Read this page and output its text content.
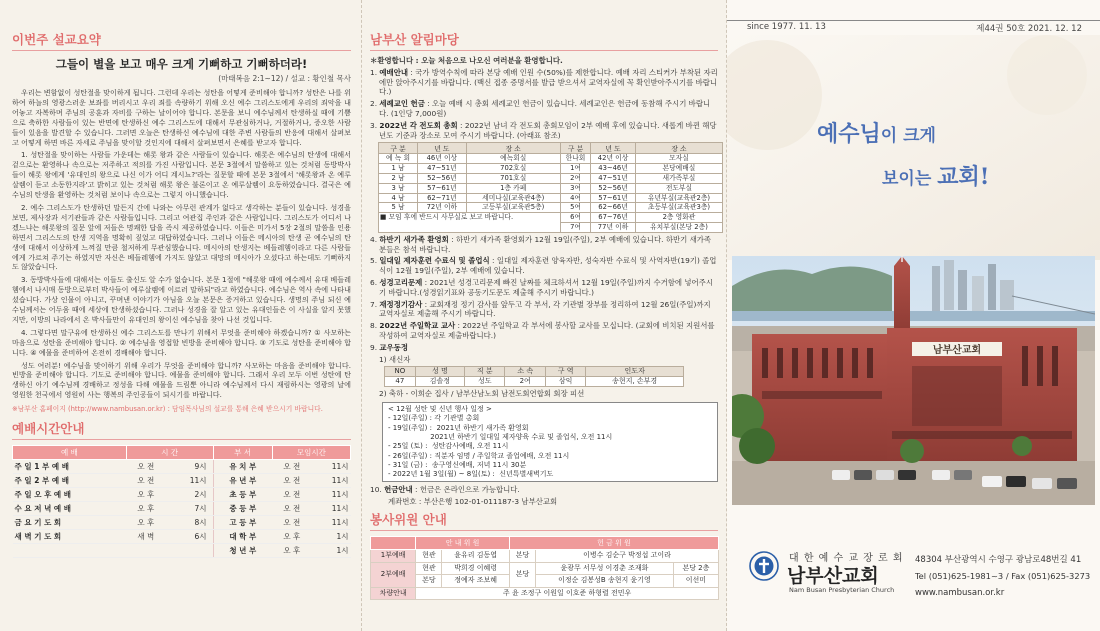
이번주 설교요약
그들이 별을 보고 매우 크게 기뻐하고 기뻐하더라!
(마태복음 2:1~12) / 설교 : 황인철 목사

우리는 변함없이 성탄절을 맞이하게 됩니다. 그런데 우리는 성탄을 어떻게 준비해야 합니까? 성탄은 나를 위하여 하늘의 영광스러운 보좌를 버리시고 우리 죄를 속량하기 위해 오신 예수 그리스도에게 우리의 죄악을 내어놓고 자복하며 주님의 공훈과 자비를 구하는 날이어야 합니다. 본문을 보니 예수님께서 탄생하실 때에 기쁨으로 축하한 사람들이 있는 반면에 탄생하신 예수 그리스도에 대해서 무관심하거나, 거절하거나, 증오한 사람들이 있음을 발견할 수 있습니다. 그러면 오늘은 탄생하신 예수님에 대한 주변 사람들의 반응에 대해서 살펴보고 어떻게 하면 바른 자세로 주님을 맞이할 것인지에 대해서 살펴보면서 은혜를 받고자 합니다.

1. 성탄절을 맞이하는 사람들 가운데는 해롯 왕과 같은 사람들이 있습니다. 해롯은 예수님의 탄생에 대해서 겉으로는 환영하나 속으로는 저주하고 적의를 가진 사람입니다. 본문 3절에서 말씀하고 있는 것처럼 동방박사들이 해롯 왕에게 '유대인의 왕으로 나신 이가 어디 계시뇨?'라는 질문할 때에 본문 3절에서 '해롯왕과 온 예루살렘이 듣고 소동한지라'고 밝히고 있는 것처럼 해롯 왕은 불론이고 온 예루살렘이 요동하였습니다. 결국은 예수님의 탄생을 환영하는 것처럼 보이나 속으로는 그렇지 아니했습니다.

2. 예수 그리스도가 탄생하던 말든지 간에 나와는 아무런 관계가 없다고 생각하는 분들이 있습니다. 성경을 보면, 제사장과 서기관들과 같은 사람들입니다. 그리고 여관집 주인과 같은 사람입니다. 그리스도가 어디서 나겠느냐는 해롯왕의 질문 앞에 저들은 명쾌한 답을 즉시 제공하였습니다. 이들은 미가서 5장 2절의 말씀을 인용하면서 그리스도의 탄생 지역을 명확히 짚었고 대답하였습니다. 그러나 이들은 메시아의 탄생 곧 예수님의 탄생에 대해서 이상하게 느껴질 만큼 철저하게 무관심했습니다. 메시아의 탄생지는 베들레헴이라고 다른 사람들에게 가르쳐 주기는 하였지만 자신은 베들레헴에 가지도 않았고 대망의 메시아가 오셨다고 하는데도 기뻐하지도 않았습니다.

3. 동방박사들에 대해서는 이들도 출신도 알 수가 없습니다. 본문 1절에 "해롯왕 때에 예수께서 유대 베들레헴에서 나시매 동방으로부터 박사들이 예루살렘에 이르러 말하되"라고 하였습니다. 예수님은 역사 속에 나타내셨습니다. 가상 인물이 아니고, 꾸며낸 이야기가 아님을 오늘 본문은 증거하고 있습니다. 생명의 주님 되신 예수님께서는 어두움 때에 세상에 탄생하셨습니다. 그러나 성경을 잘 알고 있는 유대인들은 이 사실을 알지 못했지만, 이방의 나라에서 온 박사들만이 유대인의 왕이신 예수님을 찾아 나선 것입니다.

4. 그렇다면 말구유에 탄생하신 예수 그리스도를 만나기 위해서 무엇을 준비해야 하겠습니까? ① 사모하는 마음으로 성탄을 준비해야 합니다. ② 예수님을 영접할 빈방을 준비해야 합니다. ③ 기도로 성탄을 준비해야 합니다. ④ 예물을 준비하여 온전히 경배해야 합니다.

성도 여러분! 예수님을 맞이하기 위해 우리가 무엇을 준비해야 합니까? 사모하는 마음을 준비해야 합니다. 빈방을 준비해야 합니다. 기도로 준비해야 합니다. 예물을 준비해야 합니다. 그래서 우리 모두 이번 성탄에 탄생하신 아기 예수님께 경배하고 정성을 다해 예물을 드림뿐 아니라 예수님께서 다시 재림하시는 영광의 날에 영원한 천국에서 영원히 사는 행복의 주인공들이 되시기를 바랍니다.

※남부산 홈페이지 (http://www.nambusan.or.kr) : 담임목사님의 설교를 통해 은혜 받으시기 바랍니다.
예배시간안내
예 배	시 간		부 서	모임시간	
주 일 1 부 예 배	오 전	9시	유 치 부	오 전	11시
주 일 2 부 예 배	오 전	11시	유 년 부	오 전	11시
주 일 오 후 예 배	오 후	2시	초 등 부	오 전	11시
수 요 저 녁 예 배	오 후	7시	중 등 부	오 전	11시
금 요 기 도 회	오 후	8시	고 등 부	오 전	11시
새 벽 기 도 회	새 벽	6시	대 학 부	오 후	1시
			청 년 부	오 후	1시
남부산 알림마당
＊환영합니다 : 오늘 처음으로 나오신 여러분을 환영합니다.
1. 예배안내 : 국가 방역수칙에 따라 본당 예배 인원 수(50%)를 제한합니다. 예배 자리 스티커가 부착된 자리에만 앉아주시기를 바랍니다. (백신 접종 증명서를 발급 받으셔서 교역자실에 꼭 확인받아주시기를 바랍니다.)
2. 세례교인 헌금 : 오늘 예배 시 총회 세례교인 헌금이 있습니다. 세례교인은 헌금에 동참해 주시기 바랍니다. (1인당 7,000원)
3. 2022년 각 전도회 총회 : 2022년 남녀 각 전도회 총회모임이 2부 예배 후에 있습니다. 새롭게 바뀐 해당 년도 기준과 장소로 모여 주시기 바랍니다. (아래표 참조)
구 분	년 도	장 소	구 분	년 도	장 소
예 녹 회	46년 이상	예녹회실	한나회	42년 이상	모자실
1 남	47~51년	702호실	1여	43~46년	본당예배실
2 남	52~56년	701호실	2여	47~51년	새가족부실
3 남	57~61년	1층 카페	3여	52~56년	전도부실
4 남	62~71년	세미나실(교육관4층)	4여	57~61년	유년부실(교육관2층)
5 남	72년 이하	고등부실(교육관5층)	5여	62~66년	초등부실(교육관3층)
■ 모임 후에 반드시 사무실로 보고 바랍니다.			6여	67~76년	2층 영화관
			7여	77년 이하	유치부실(본당 2층)
4. 하반기 새가족 환영회 : 하반기 새가족 환영회가 12월 19일(주일), 2부 예배에 있습니다. 하반기 새가족분들은 참석 바랍니다.
5. 일대일 제자훈련 수료식 및 졸업식 : 일대일 제자훈련 양육자반, 성숙자반 수료식 및 사역자반(19기) 졸업식이 12월 19일(주일), 2부 예배에 있습니다.
6. 성경고리문제 : 2021년 성경고리문제 빠진 날짜를 체크하셔서 12월 19일(주일)까지 수거함에 넣어주시기 바랍니다.(성경읽기표와 공동기도문도 제출해 주시기 바랍니다.)
7. 재정정기감사 : 교회재정 정기 감사를 앞두고 각 부서, 각 기관별 장부를 정리하여 12월 26일(주일)까지 교역자실로 제출해 주시기 바랍니다.
8. 2022년 주일학교 교사 : 2022년 주일학교 각 부서에 봉사할 교사를 모십니다. (교회에 비치된 지원서를 작성하여 교역자실로 제출바랍니다.)
9. 교우동정
1) 새신자
NO	성 명	직 분	소 속	구 역	인도자
47	김솔정	성도	2여	삼익	송현지, 손부경
2) 축하 - 이희순 집사 / 남부산남노회 남전도회연합회 회장 피선
< 12월 성탄 및 신년 행사 일정 >
- 12일(주일) : 각 기관별 총회
- 19일(주일) :  2021년 하반기 새가족 환영회
2021년 하반기 일대일 제자양육 수료 및 졸업식, 오전 11시
- 25일 (토) :  성탄감사예배, 오전 11시
- 26일(주일) : 직분자 임명 / 주일학교 졸업예배, 오전 11시
- 31일 (금) :  송구영신예배, 저녁 11시 30분
- 2022년 1월 3일(월) ~ 8일(토) :  신년특별새벽기도
10. 헌금안내 : 헌금은 온라인으로 가능합니다.
계좌번호 : 부산은행 102-01-011187-3 남부산교회
봉사위원 안내
	안 내 위 원		헌 금 위 원		
1부예배	현관	윤유리 김동엽	본당	이병수 김순구 박정섭 고이라	
2부예배	현관	박희경 이혜령	본당	윤광무 서무성 이경춘 조재화	본당 2층
	본당	정예자 조보혜		이정순 김봉성B 송현지 윤기영	이선미
차량안내	주 윤 조정구 이원일 이호준 하형렬 전민우				
since 1977. 11. 13	제44권 50호 2021. 12. 12
예수님이 크게
보이는 교회!
남부산교회
대 한 예 수 교 장 로 회
남부산교회
Nam Busan Presbyterian Church
48304 부산광역시 수영구 광남로48번길 41
Tel (051)625-1981~3 / Fax (051)625-3273
www.nambusan.or.kr
